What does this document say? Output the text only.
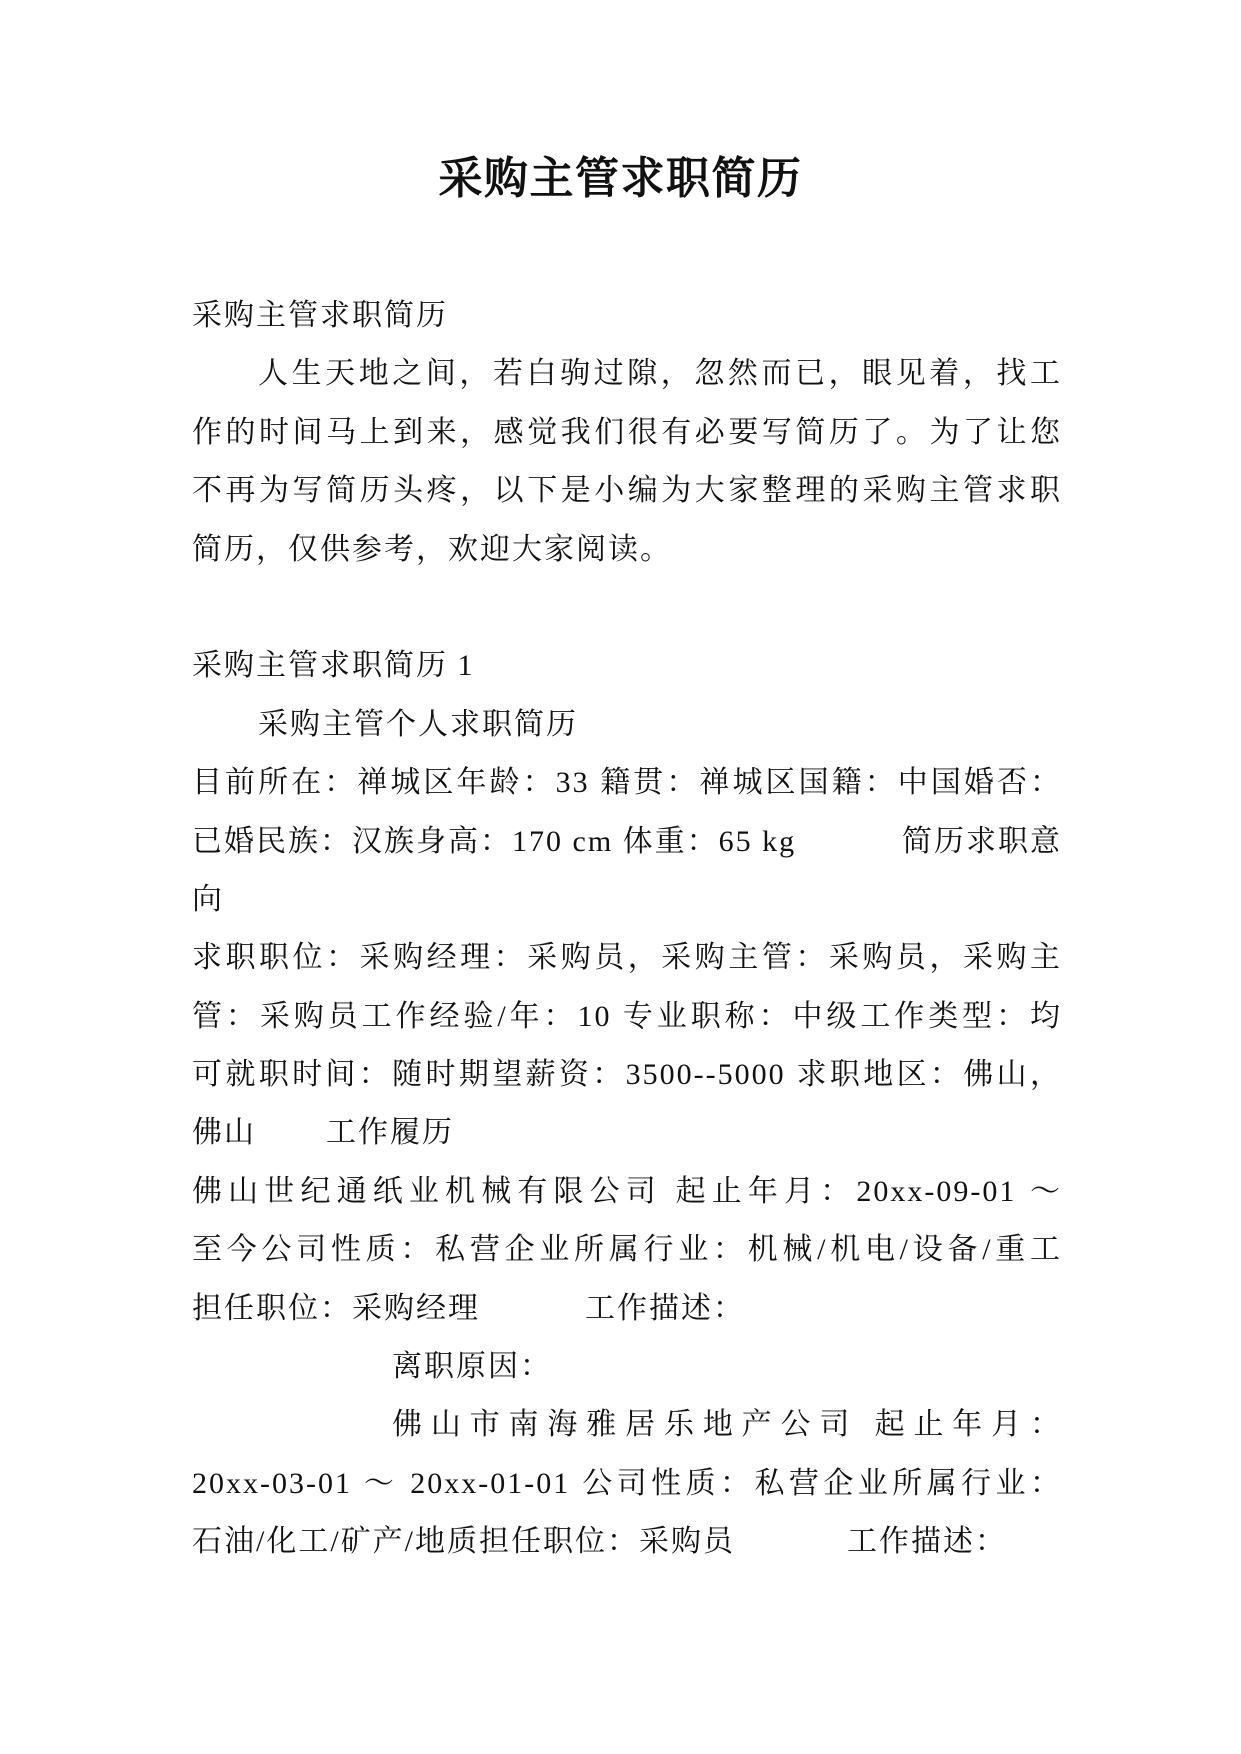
采购主管求职简历
采购主管求职简历
人生天地之间，若白驹过隙，忽然而已，眼见着，找工
作的时间马上到来，感觉我们很有必要写简历了。为了让您
不再为写简历头疼，以下是小编为大家整理的采购主管求职
简历，仅供参考，欢迎大家阅读。
采购主管求职简历 1
采购主管个人求职简历
目前所在：禅城区年龄：33 籍贯：禅城区国籍：中国婚否：
已婚民族：汉族身高：170 cm 体重：65 kg	简历求职意
向
求职职位：采购经理：采购员，采购主管：采购员，采购主
管：采购员工作经验/年：10 专业职称：中级工作类型：均
可就职时间：随时期望薪资：3500--5000 求职地区：佛山，
佛山 工作履历
佛山世纪通纸业机械有限公司 起止年月：20xx-09-01 ～
至今公司性质：私营企业所属行业：机械/机电/设备/重工
担任职位：采购经理	工作描述：
离职原因：
佛山市南海雅居乐地产公司 起止年月：
20xx-03-01 ～ 20xx-01-01 公司性质：私营企业所属行业：
石油/化工/矿产/地质担任职位：采购员	工作描述：
